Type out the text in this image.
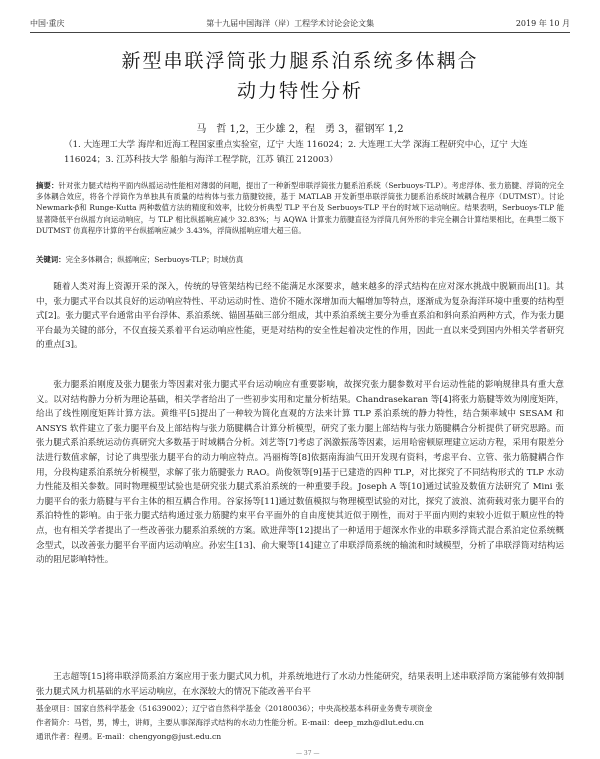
中国·重庆	第十九届中国海洋（岸）工程学术讨论会论文集	2019 年 10 月
新型串联浮筒张力腿系泊系统多体耦合
动力特性分析
马　哲 1,2，王少雄 2，程　勇 3，翟钢军 1,2
（1. 大连理工大学 海岸和近海工程国家重点实验室，辽宁 大连 116024；2. 大连理工大学 深海工程研究中心，辽宁 大连 116024；3. 江苏科技大学 船舶与海洋工程学院，江苏 镇江 212003）
摘要：针对张力腿式结构平面内纵摇运动性能相对薄弱的问题，提出了一种新型串联浮筒张力腿系泊系统（Serbuoys-TLP）。考虑浮体、张力筋腱、浮筒的完全多体耦合效应，将各个浮筒作为单独具有质量的结构体与张力筋腱铰接，基于 MATLAB 开发新型串联浮筒张力腿系泊系统时域耦合程序（DUTMST）。讨论 Newmark-β和 Runge-Kutta 两种数值方法的精度和效率，比较分析典型 TLP 平台及 Serbuoys-TLP 平台的时域下运动响应。结果表明，Serbuoys-TLP 能显著降低平台纵摇方向运动响应，与 TLP 相比纵摇响应减少 32.83%；与 AQWA 计算张力筋腱直径为浮筒几何外形的非完全耦合计算结果相比，在典型二级下 DUTMST 仿真程序计算的平台纵摇响应减少 3.43%，浮筒纵摇响应增大超三倍。
关键词：完全多体耦合；纵摇响应；Serbuoys-TLP；时域仿真
随着人类对海上资源开采的深入，传统的导管架结构已经不能满足水深要求，越来越多的浮式结构在应对深水挑战中脱颖而出[1]。其中，张力腿式平台以其良好的运动响应特性、平动运动时性、造价不随水深增加而大幅增加等特点，逐渐成为复杂海洋环境中重要的结构型式[2]。张力腿式平台通常由平台浮体、系泊系统、锚固基础三部分组成，其中系泊系统主要分为垂直系泊和斜向系泊两种方式，作为张力腿平台最为关键的部分，不仅直接关系着平台运动响应性能，更是对结构的安全性起着决定性的作用，因此一直以来受到国内外相关学者研究的重点[3]。
张力腿系泊刚度及张力腿张力等因素对张力腿式平台运动响应有重要影响，故探究张力腿参数对平台运动性能的影响规律具有重大意义。以对结构静力分析为理论基础，相关学者给出了一些初步实用和定量分析结果。Chandrasekaran 等[4]将张力筋腱等效为刚度矩阵，给出了线性刚度矩阵计算方法。黄维平[5]提出了一种较为简化直观的方法来计算 TLP 系泊系统的静力特性，结合频率域中 SESAM 和 ANSYS 软件建立了张力腿平台及上部结构与张力筋腱耦合计算分析模型，研究了张力腿上部结构与张力筋腱耦合分析提供了研究思路。而张力腿式系泊系统运动仿真研究大多数基于时域耦合分析。刘艺等[7]考虑了涡激振荡等因素，运用哈密顿原理建立运动方程，采用有限差分法进行数值求解，讨论了典型张力腿平台的动力响应特点。冯丽梅等[8]依据南海油气田开发现有资料，考虑平台、立管、张力筋腱耦合作用，分段构建系泊系统分析模型，求解了张力筋腱张力 RAO。尚俊领等[9]基于已建造的四种 TLP，对比探究了不同结构形式的 TLP 水动力性能及相关参数。同时物理模型试验也是研究张力腿式系泊系统的一种重要手段。Joseph A 等[10]通过试验及数值方法研究了 Mini 张力腿平台的张力筋腱与平台主体的相互耦合作用。谷家扬等[11]通过数值模拟与物理模型试验的对比，探究了波浪、流荷载对张力腿平台的系泊特性的影响。由于张力腿式结构通过张力筋腱约束平台平面外的自由度使其近似于刚性，而对于平面内则约束较小近似于顺应性的特点，也有相关学者提出了一些改善张力腿系泊系统的方案。欧进萍等[12]提出了一种适用于超深水作业的串联多浮筒式混合系泊定位系统概念型式，以改善张力腿平台平面内运动响应。孙宏生[13]、俞大聚等[14]建立了串联浮筒系统的输流和时域模型，分析了串联浮筒对结构运动的阻尼影响特性。
王志超等[15]将串联浮筒系泊方案应用于张力腿式风力机，并系统地进行了水动力性能研究，结果表明上述串联浮筒方案能够有效抑制张力腿式风力机基础的水平运动响应，在水深较大的情况下能改善平台平
基金项目：国家自然科学基金（51639002）；辽宁省自然科学基金（20180036）；中央高校基本科研业务费专项资金
作者简介：马哲，男，博士，讲师，主要从事深海浮式结构的水动力性能分析。E-mail：deep_mzh@dlut.edu.cn
通讯作者：程勇。E-mail：chengyong@just.edu.cn
— 37 —
